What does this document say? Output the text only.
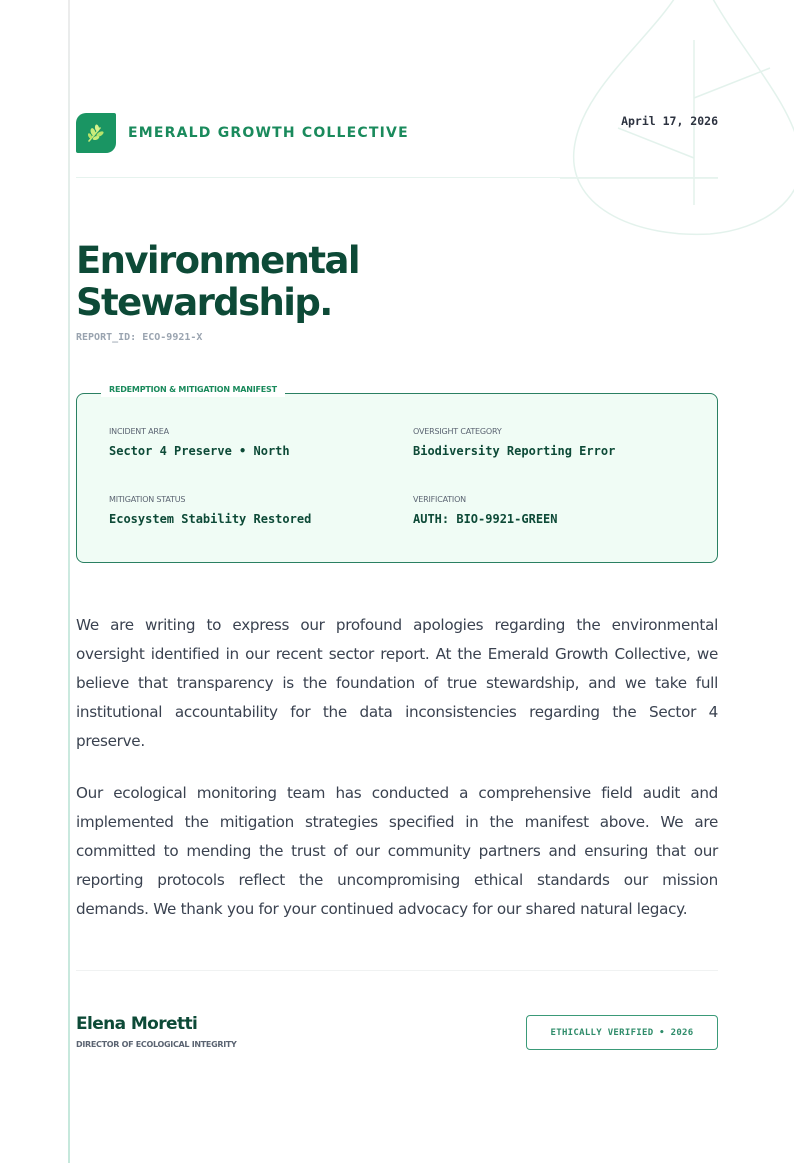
EMERALD GROWTH COLLECTIVE
April 17, 2026
Environmental
Stewardship.
REPORT_ID: ECO-9921-X
REDEMPTION & MITIGATION MANIFEST
INCIDENT AREA
Sector 4 Preserve • North
OVERSIGHT CATEGORY
Biodiversity Reporting Error
MITIGATION STATUS
Ecosystem Stability Restored
VERIFICATION
AUTH: BIO-9921-GREEN

We are writing to express our profound apologies regarding the environmental oversight identified in our recent sector report. At the Emerald Growth Collective, we believe that transparency is the foundation of true stewardship, and we take full institutional accountability for the data inconsistencies regarding the Sector 4 preserve.

Our ecological monitoring team has conducted a comprehensive field audit and implemented the mitigation strategies specified in the manifest above. We are committed to mending the trust of our community partners and ensuring that our reporting protocols reflect the uncompromising ethical standards our mission demands. We thank you for your continued advocacy for our shared natural legacy.

Elena Moretti
DIRECTOR OF ECOLOGICAL INTEGRITY
ETHICALLY VERIFIED • 2026
